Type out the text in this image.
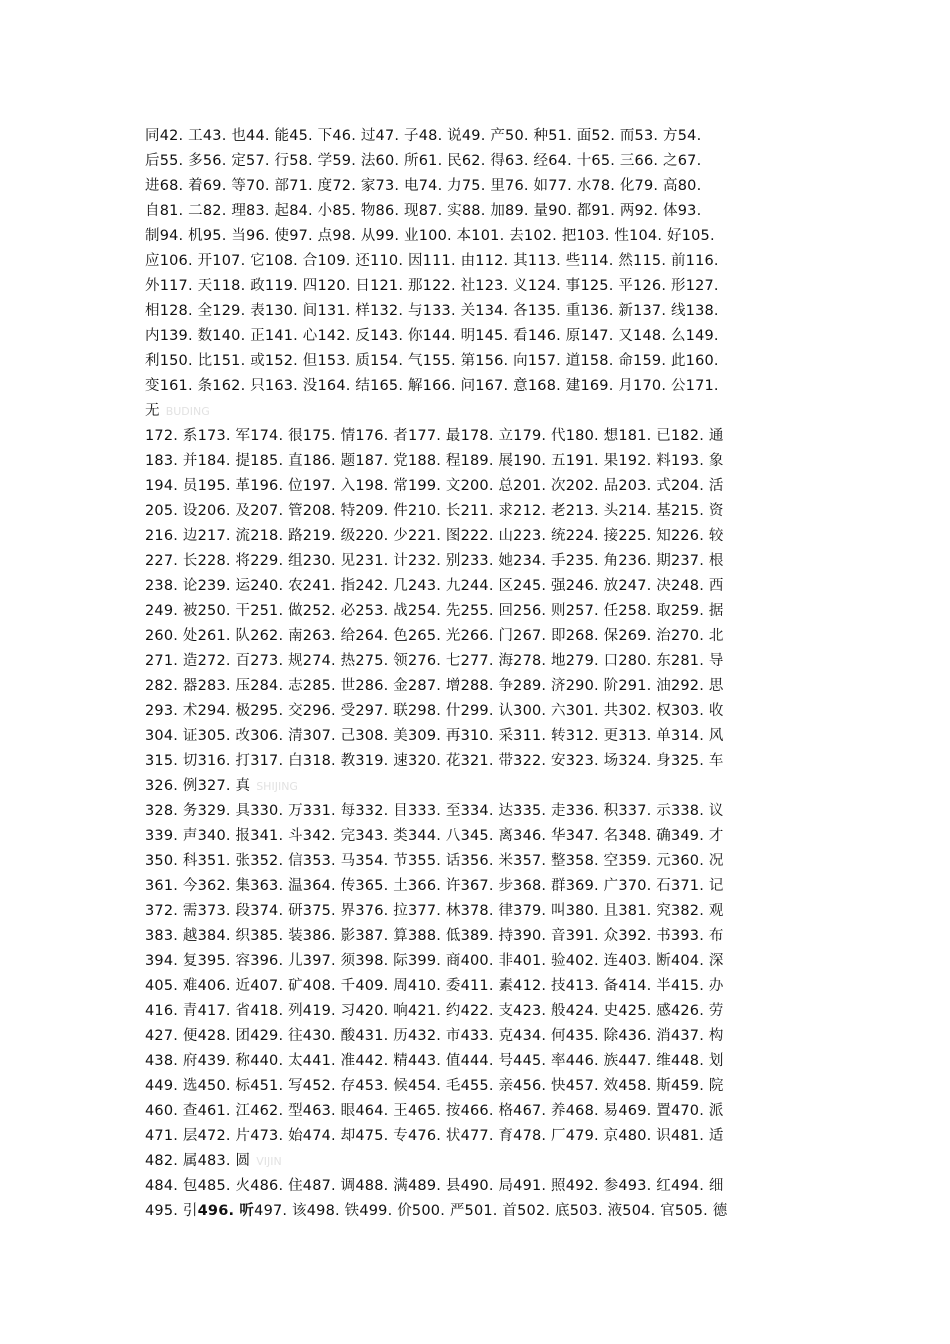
同42. 工43. 也44. 能45. 下46. 过47. 子48. 说49. 产50. 种51. 面52. 而53. 方54.
后55. 多56. 定57. 行58. 学59. 法60. 所61. 民62. 得63. 经64. 十65. 三66. 之67.
进68. 着69. 等70. 部71. 度72. 家73. 电74. 力75. 里76. 如77. 水78. 化79. 高80.
自81. 二82. 理83. 起84. 小85. 物86. 现87. 实88. 加89. 量90. 都91. 两92. 体93.
制94. 机95. 当96. 使97. 点98. 从99. 业100. 本101. 去102. 把103. 性104. 好105.
应106. 开107. 它108. 合109. 还110. 因111. 由112. 其113. 些114. 然115. 前116.
外117. 天118. 政119. 四120. 日121. 那122. 社123. 义124. 事125. 平126. 形127.
相128. 全129. 表130. 间131. 样132. 与133. 关134. 各135. 重136. 新137. 线138.
内139. 数140. 正141. 心142. 反143. 你144. 明145. 看146. 原147. 又148. 么149.
利150. 比151. 或152. 但153. 质154. 气155. 第156. 向157. 道158. 命159. 此160.
变161. 条162. 只163. 没164. 结165. 解166. 问167. 意168. 建169. 月170. 公171.
无 BUDING
172. 系173. 军174. 很175. 情176. 者177. 最178. 立179. 代180. 想181. 已182. 通
183. 并184. 提185. 直186. 题187. 党188. 程189. 展190. 五191. 果192. 料193. 象
194. 员195. 革196. 位197. 入198. 常199. 文200. 总201. 次202. 品203. 式204. 活
205. 设206. 及207. 管208. 特209. 件210. 长211. 求212. 老213. 头214. 基215. 资
216. 边217. 流218. 路219. 级220. 少221. 图222. 山223. 统224. 接225. 知226. 较
227. 长228. 将229. 组230. 见231. 计232. 别233. 她234. 手235. 角236. 期237. 根
238. 论239. 运240. 农241. 指242. 几243. 九244. 区245. 强246. 放247. 决248. 西
249. 被250. 干251. 做252. 必253. 战254. 先255. 回256. 则257. 任258. 取259. 据
260. 处261. 队262. 南263. 给264. 色265. 光266. 门267. 即268. 保269. 治270. 北
271. 造272. 百273. 规274. 热275. 领276. 七277. 海278. 地279. 口280. 东281. 导
282. 器283. 压284. 志285. 世286. 金287. 增288. 争289. 济290. 阶291. 油292. 思
293. 术294. 极295. 交296. 受297. 联298. 什299. 认300. 六301. 共302. 权303. 收
304. 证305. 改306. 清307. 己308. 美309. 再310. 采311. 转312. 更313. 单314. 风
315. 切316. 打317. 白318. 教319. 速320. 花321. 带322. 安323. 场324. 身325. 车
326. 例327. 真 SHIJING
328. 务329. 具330. 万331. 每332. 目333. 至334. 达335. 走336. 积337. 示338. 议
339. 声340. 报341. 斗342. 完343. 类344. 八345. 离346. 华347. 名348. 确349. 才
350. 科351. 张352. 信353. 马354. 节355. 话356. 米357. 整358. 空359. 元360. 况
361. 今362. 集363. 温364. 传365. 土366. 许367. 步368. 群369. 广370. 石371. 记
372. 需373. 段374. 研375. 界376. 拉377. 林378. 律379. 叫380. 且381. 究382. 观
383. 越384. 织385. 装386. 影387. 算388. 低389. 持390. 音391. 众392. 书393. 布
394. 复395. 容396. 儿397. 须398. 际399. 商400. 非401. 验402. 连403. 断404. 深
405. 难406. 近407. 矿408. 千409. 周410. 委411. 素412. 技413. 备414. 半415. 办
416. 青417. 省418. 列419. 习420. 响421. 约422. 支423. 般424. 史425. 感426. 劳
427. 便428. 团429. 往430. 酸431. 历432. 市433. 克434. 何435. 除436. 消437. 构
438. 府439. 称440. 太441. 准442. 精443. 值444. 号445. 率446. 族447. 维448. 划
449. 选450. 标451. 写452. 存453. 候454. 毛455. 亲456. 快457. 效458. 斯459. 院
460. 查461. 江462. 型463. 眼464. 王465. 按466. 格467. 养468. 易469. 置470. 派
471. 层472. 片473. 始474. 却475. 专476. 状477. 育478. 厂479. 京480. 识481. 适
482. 属483. 圆 VIJIN
484. 包485. 火486. 住487. 调488. 满489. 县490. 局491. 照492. 参493. 红494. 细
495. 引496. 听497. 该498. 铁499. 价500. 严501. 首502. 底503. 液504. 官505. 德
